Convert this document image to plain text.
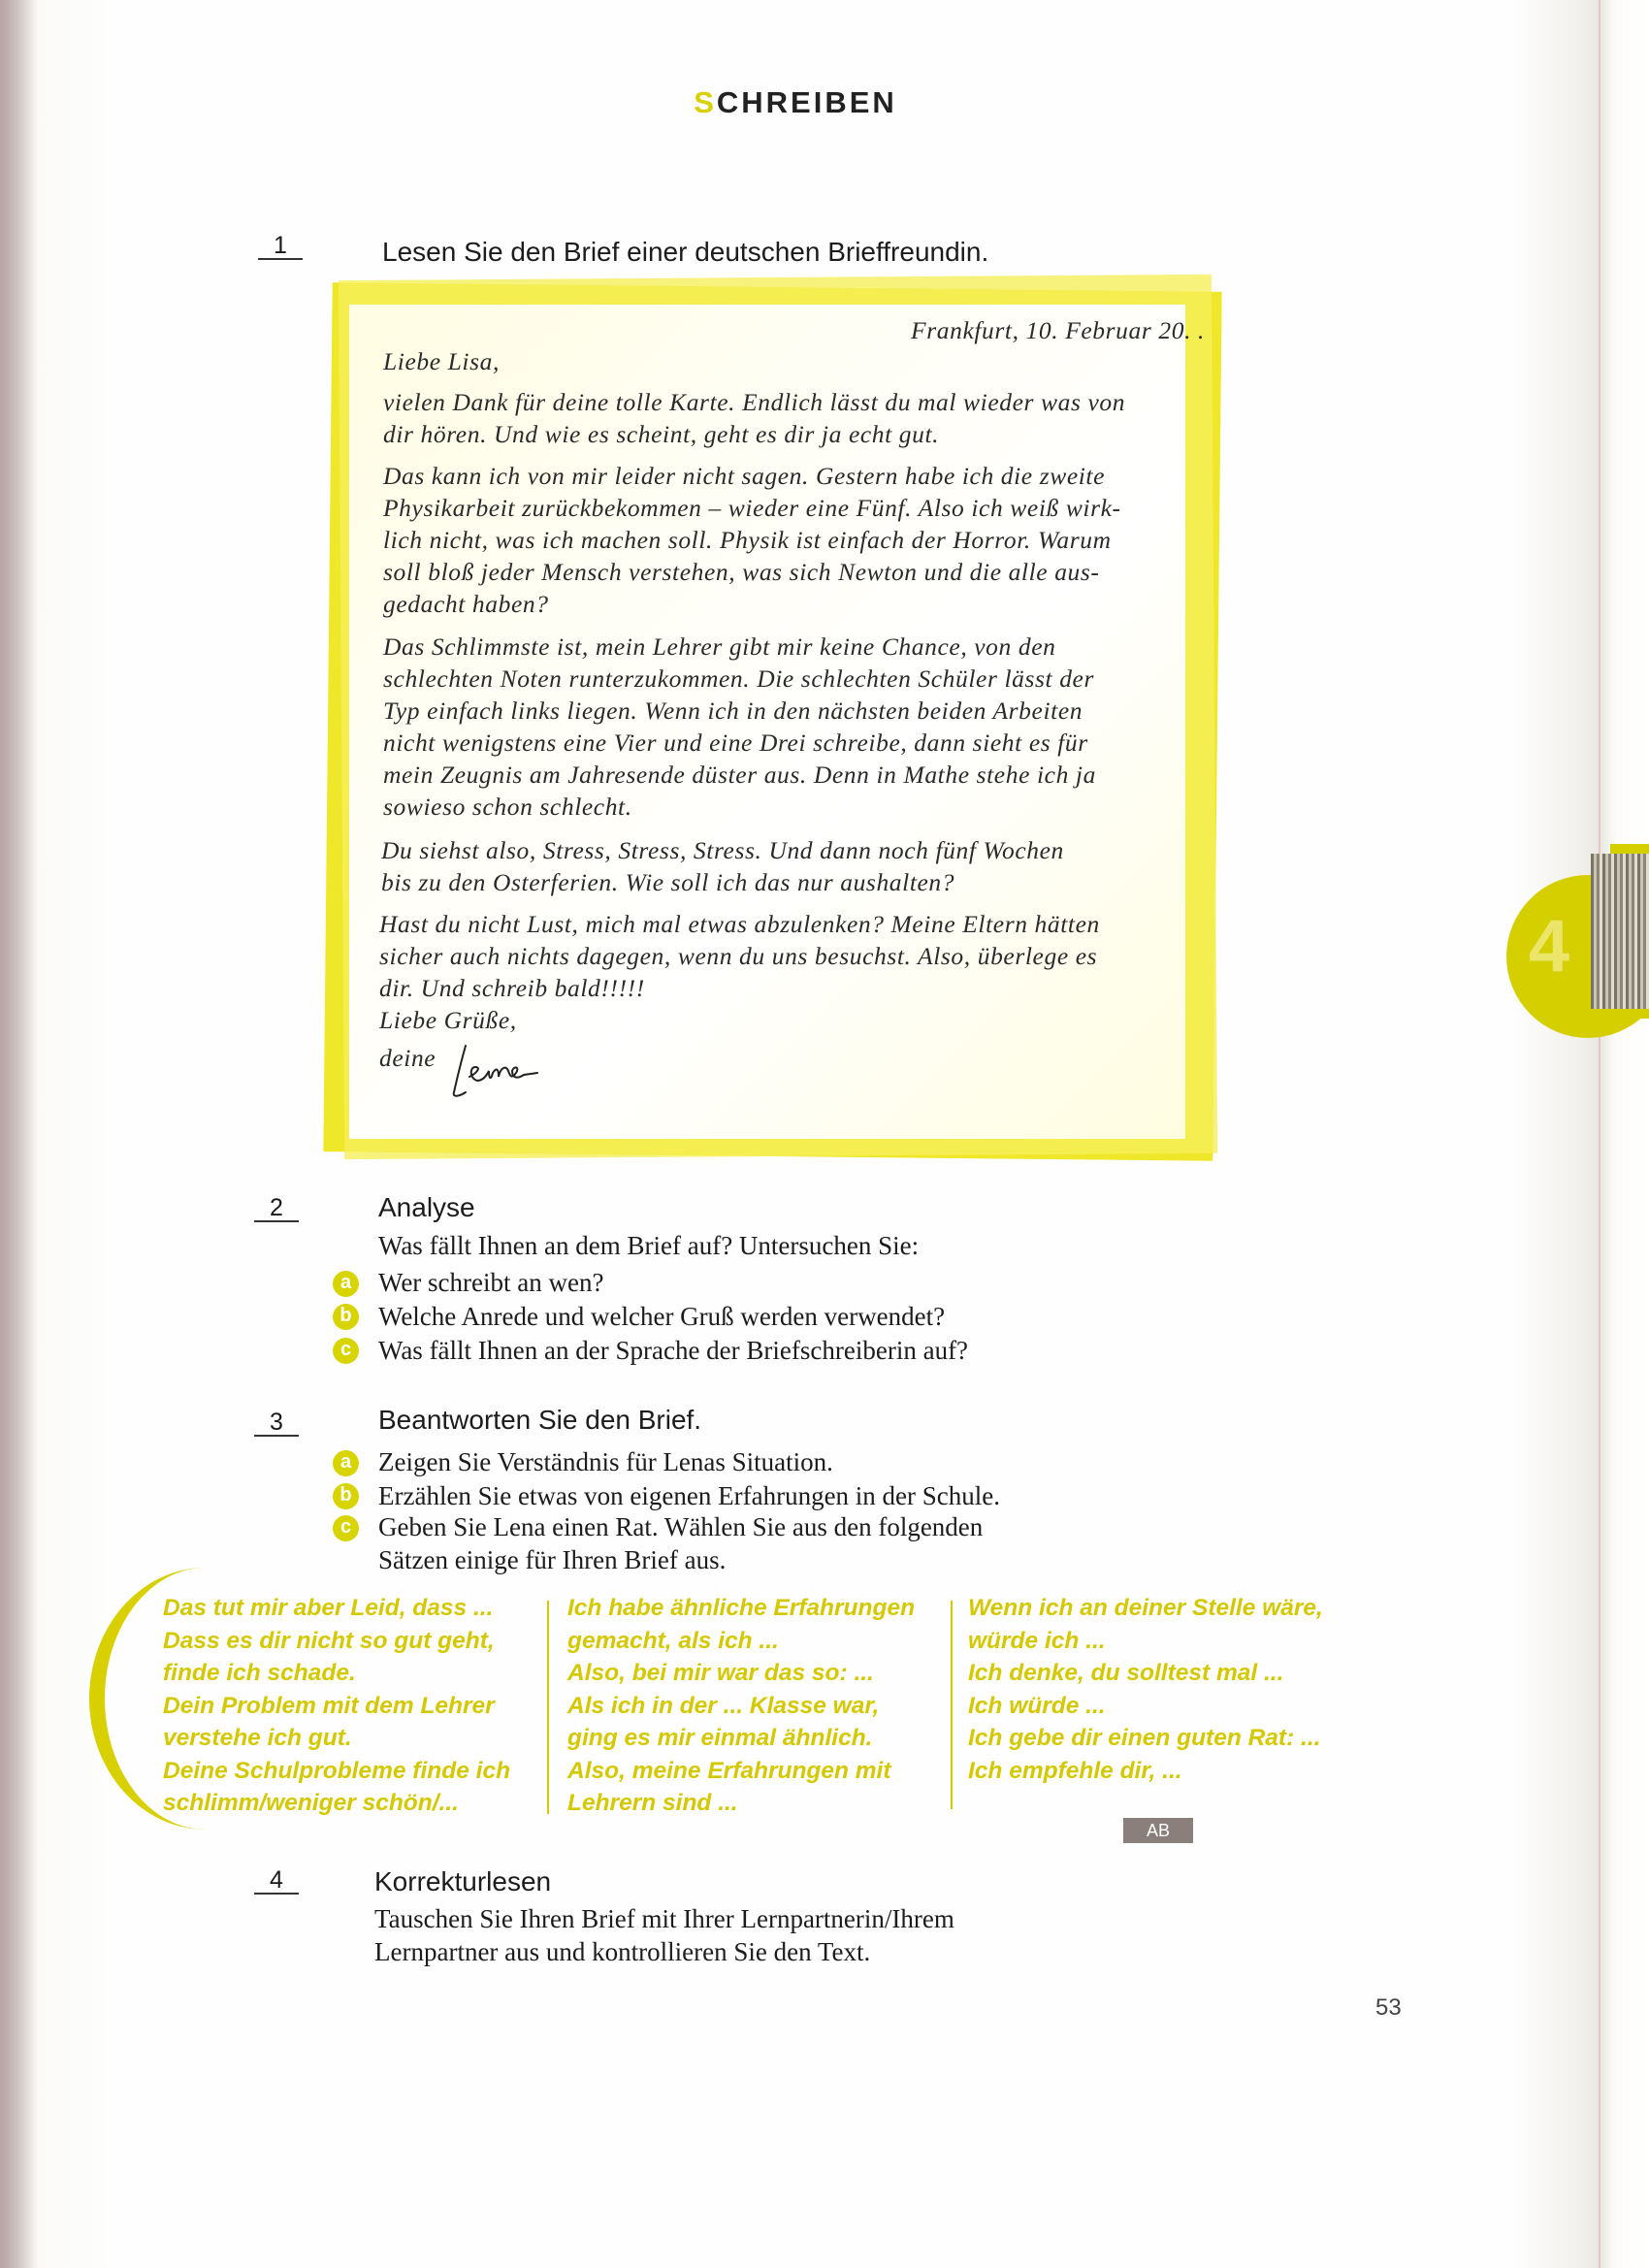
4
SCHREIBEN
1	Lesen Sie den Brief einer deutschen Brieffreundin.
Frankfurt, 10. Februar 20. .
Liebe Lisa,
vielen Dank für deine tolle Karte. Endlich lässt du mal wieder was von
dir hören. Und wie es scheint, geht es dir ja echt gut.
Das kann ich von mir leider nicht sagen. Gestern habe ich die zweite
Physikarbeit zurückbekommen – wieder eine Fünf. Also ich weiß wirk-
lich nicht, was ich machen soll. Physik ist einfach der Horror. Warum
soll bloß jeder Mensch verstehen, was sich Newton und die alle aus-
gedacht haben?
Das Schlimmste ist, mein Lehrer gibt mir keine Chance, von den
schlechten Noten runterzukommen. Die schlechten Schüler lässt der
Typ einfach links liegen. Wenn ich in den nächsten beiden Arbeiten
nicht wenigstens eine Vier und eine Drei schreibe, dann sieht es für
mein Zeugnis am Jahresende düster aus. Denn in Mathe stehe ich ja
sowieso schon schlecht.
Du siehst also, Stress, Stress, Stress. Und dann noch fünf Wochen
bis zu den Osterferien. Wie soll ich das nur aushalten?
Hast du nicht Lust, mich mal etwas abzulenken? Meine Eltern hätten
sicher auch nichts dagegen, wenn du uns besuchst. Also, überlege es
dir. Und schreib bald!!!!!
Liebe Grüße,
deine
2	Analyse
Was fällt Ihnen an dem Brief auf? Untersuchen Sie:
a Wer schreibt an wen?
b Welche Anrede und welcher Gruß werden verwendet?
c Was fällt Ihnen an der Sprache der Briefschreiberin auf?
3	Beantworten Sie den Brief.
a Zeigen Sie Verständnis für Lenas Situation.
b Erzählen Sie etwas von eigenen Erfahrungen in der Schule.
c Geben Sie Lena einen Rat. Wählen Sie aus den folgenden
Sätzen einige für Ihren Brief aus.
Das tut mir aber Leid, dass ...
Dass es dir nicht so gut geht,
finde ich schade.
Dein Problem mit dem Lehrer
verstehe ich gut.
Deine Schulprobleme finde ich
schlimm/weniger schön/...
Ich habe ähnliche Erfahrungen
gemacht, als ich ...
Also, bei mir war das so: ...
Als ich in der ... Klasse war,
ging es mir einmal ähnlich.
Also, meine Erfahrungen mit
Lehrern sind ...
Wenn ich an deiner Stelle wäre,
würde ich ...
Ich denke, du solltest mal ...
Ich würde ...
Ich gebe dir einen guten Rat: ...
Ich empfehle dir, ...
AB
4	Korrekturlesen
Tauschen Sie Ihren Brief mit Ihrer Lernpartnerin/Ihrem
Lernpartner aus und kontrollieren Sie den Text.
53
